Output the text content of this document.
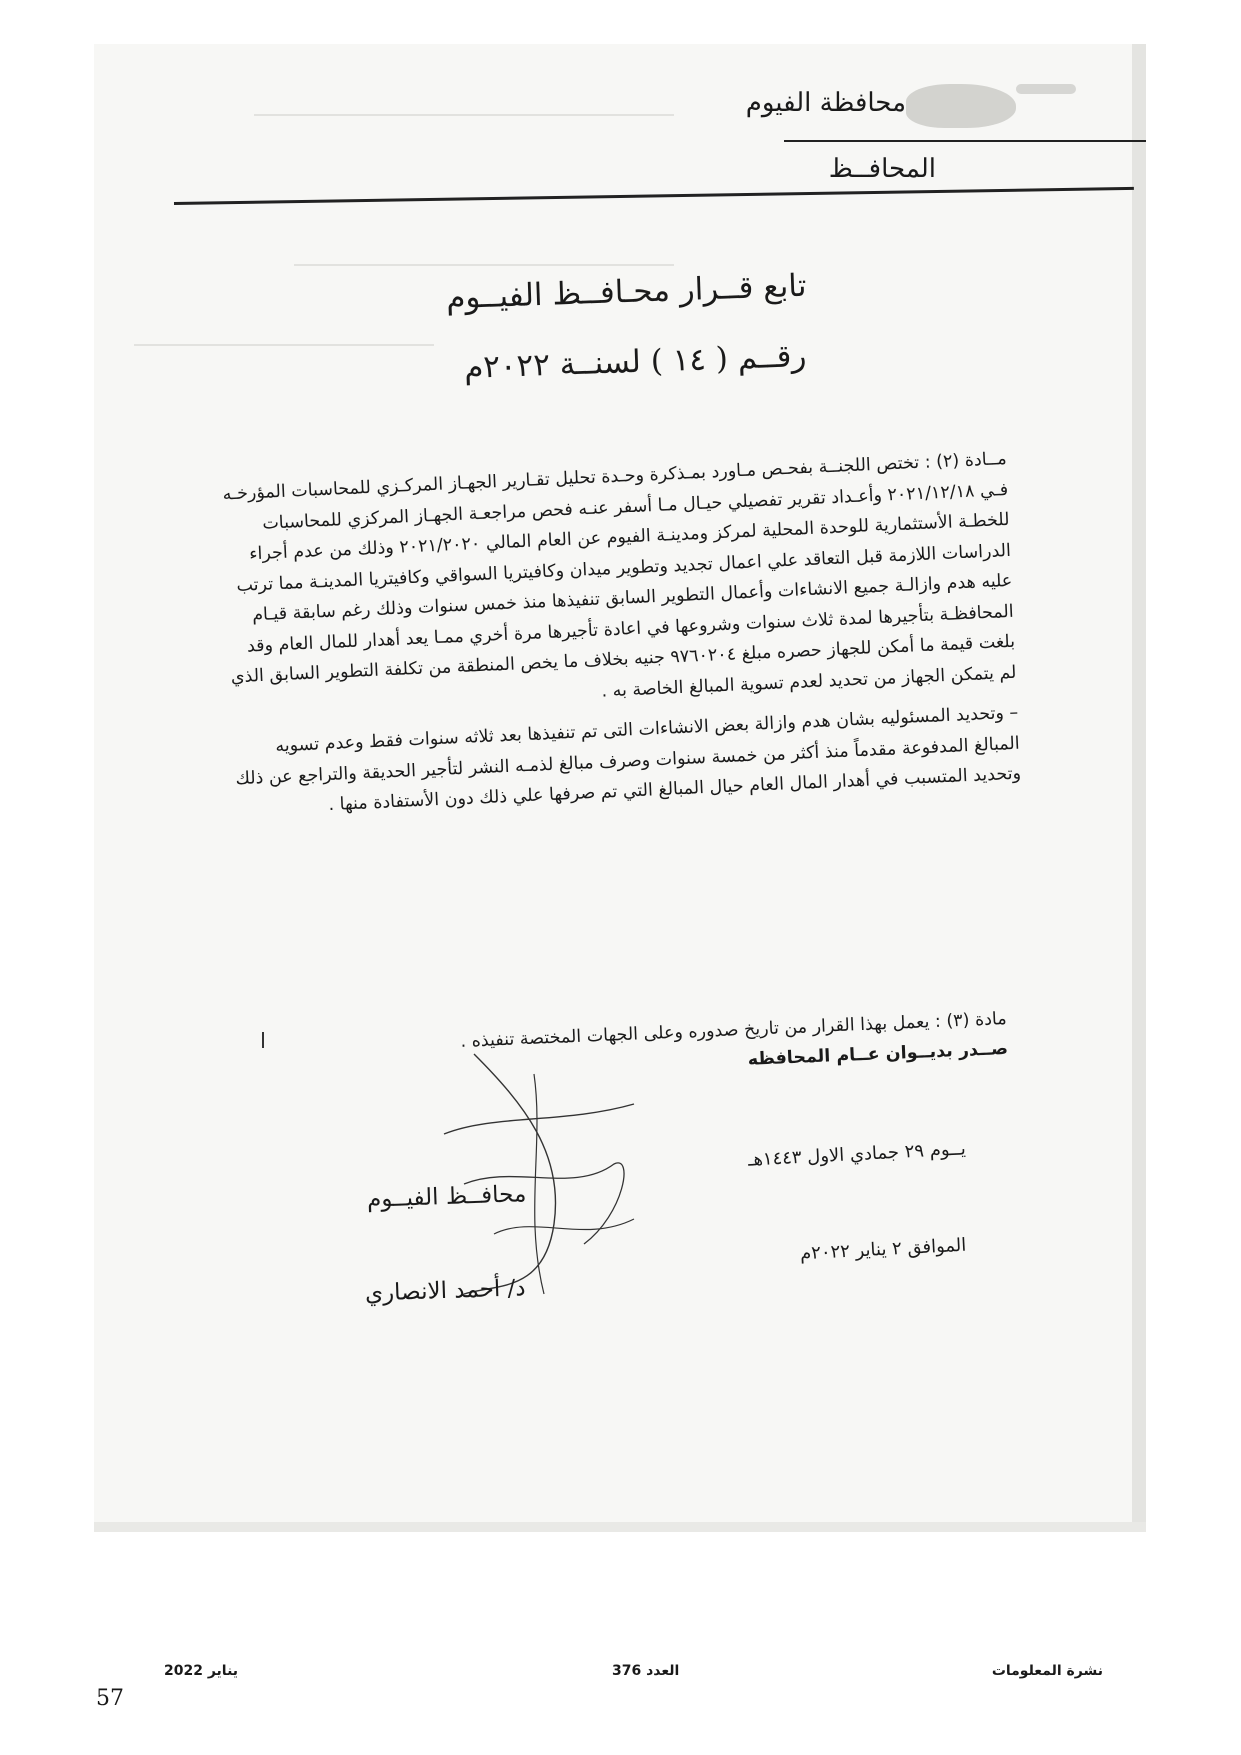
محافظة الفيوم
المحافــظ
تابع قــرار محـافــظ الفيــوم
رقــم ( ١٤ ) لسنــة ٢٠٢٢م

مــادة (٢) : تختص اللجنــة بفحـص مـاورد بمـذكرة وحـدة تحليل تقـارير الجهـاز المركـزي للمحاسبات المؤرخـه فـي ٢٠٢١/١٢/١٨ وأعـداد تقرير تفصيلي حيـال مـا أسفر عنـه فحص مراجعـة الجهـاز المركزي للمحاسبات للخطـة الأستثمارية للوحدة المحلية لمركز ومدينـة الفيوم عن العام المالي ٢٠٢١/٢٠٢٠ وذلك من عدم أجراء الدراسات اللازمة قبل التعاقد علي اعمال تجديد وتطوير ميدان وكافيتريا السواقي وكافيتريا المدينـة مما ترتب عليه هدم وازالـة جميع الانشاءات وأعمال التطوير السابق تنفيذها منذ خمس سنوات وذلك رغم سابقة قيـام المحافظـة بتأجيرها لمدة ثلاث سنوات وشروعها في اعادة تأجيرها مرة أخري ممـا يعد أهدار للمال العام وقد بلغت قيمة ما أمكن للجهاز حصره مبلغ ٩٧٦٠٢٠٤ جنيه بخلاف ما يخص المنطقة من تكلفة التطوير السابق الذي لم يتمكن الجهاز من تحديد لعدم تسوية المبالغ الخاصة به .

– وتحديد المسئوليه بشان هدم وازالة بعض الانشاءات التى تم تنفيذها بعد ثلاثه سنوات فقط وعدم تسويه المبالغ المدفوعة مقدماً منذ أكثر من خمسة سنوات وصرف مبالغ لذمـه النشر لتأجير الحديقة والتراجع عن ذلك وتحديد المتسبب في أهدار المال العام حيال المبالغ التي تم صرفها علي ذلك دون الأستفادة منها .

مادة (٣) : يعمل بهذا القرار من تاريخ صدوره وعلى الجهات المختصة تنفيذه .

صــدر بديــوان عــام المحافظه

يــوم ٢٩ جمادي الاول ١٤٤٣هـ
الموافق ٢ يناير ٢٠٢٢م
محافــظ الفيــوم
د/ أحمد الانصاري
نشرة المعلومات
العدد 376
يناير 2022
57
